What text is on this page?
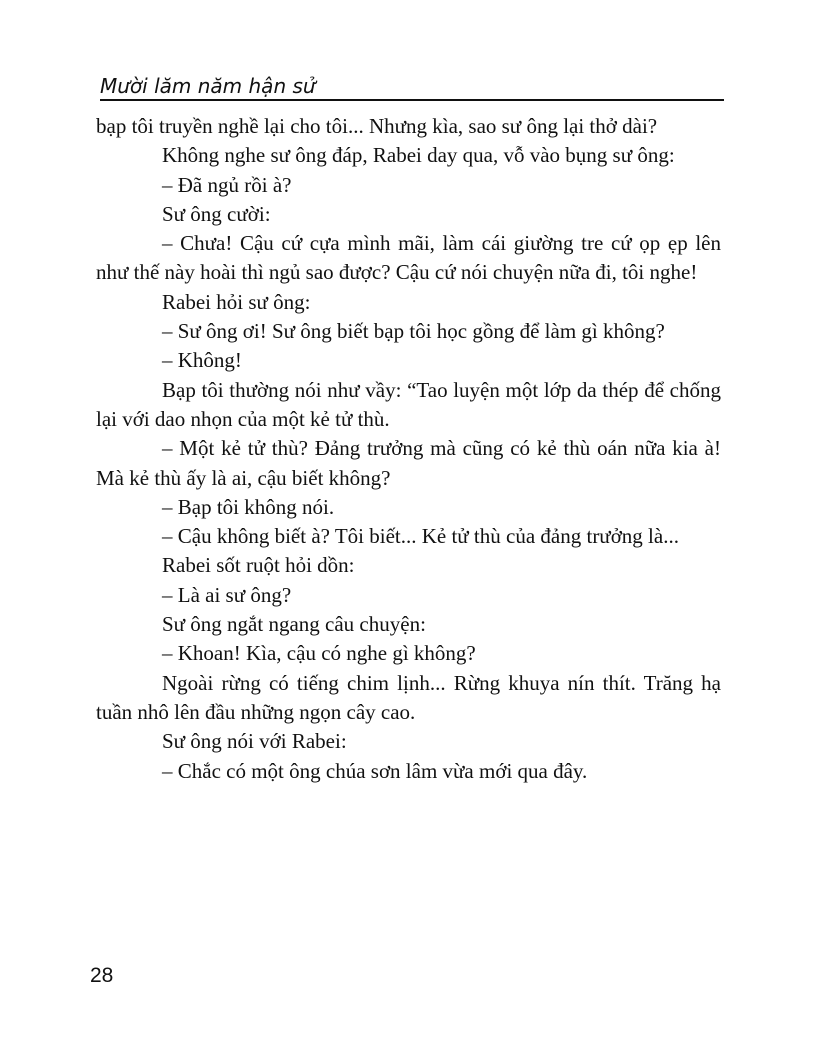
Mười lăm năm hận sử

bạp tôi truyền nghề lại cho tôi... Nhưng kìa, sao sư ông lại thở dài?

Không nghe sư ông đáp, Rabei day qua, vỗ vào bụng sư ông:

– Đã ngủ rồi à?

Sư ông cười:

– Chưa! Cậu cứ cựa mình mãi, làm cái giường tre cứ ọp ẹp lên như thế này hoài thì ngủ sao được? Cậu cứ nói chuyện nữa đi, tôi nghe!

Rabei hỏi sư ông:

– Sư ông ơi! Sư ông biết bạp tôi học gồng để làm gì không?

– Không!

Bạp tôi thường nói như vầy: “Tao luyện một lớp da thép để chống lại với dao nhọn của một kẻ tử thù.

– Một kẻ tử thù? Đảng trưởng mà cũng có kẻ thù oán nữa kia à! Mà kẻ thù ấy là ai, cậu biết không?

– Bạp tôi không nói.

– Cậu không biết à? Tôi biết... Kẻ tử thù của đảng trưởng là...

Rabei sốt ruột hỏi dồn:

– Là ai sư ông?

Sư ông ngắt ngang câu chuyện:

– Khoan! Kìa, cậu có nghe gì không?

Ngoài rừng có tiếng chim lịnh... Rừng khuya nín thít. Trăng hạ tuần nhô lên đầu những ngọn cây cao.

Sư ông nói với Rabei:

– Chắc có một ông chúa sơn lâm vừa mới qua đây.

28
